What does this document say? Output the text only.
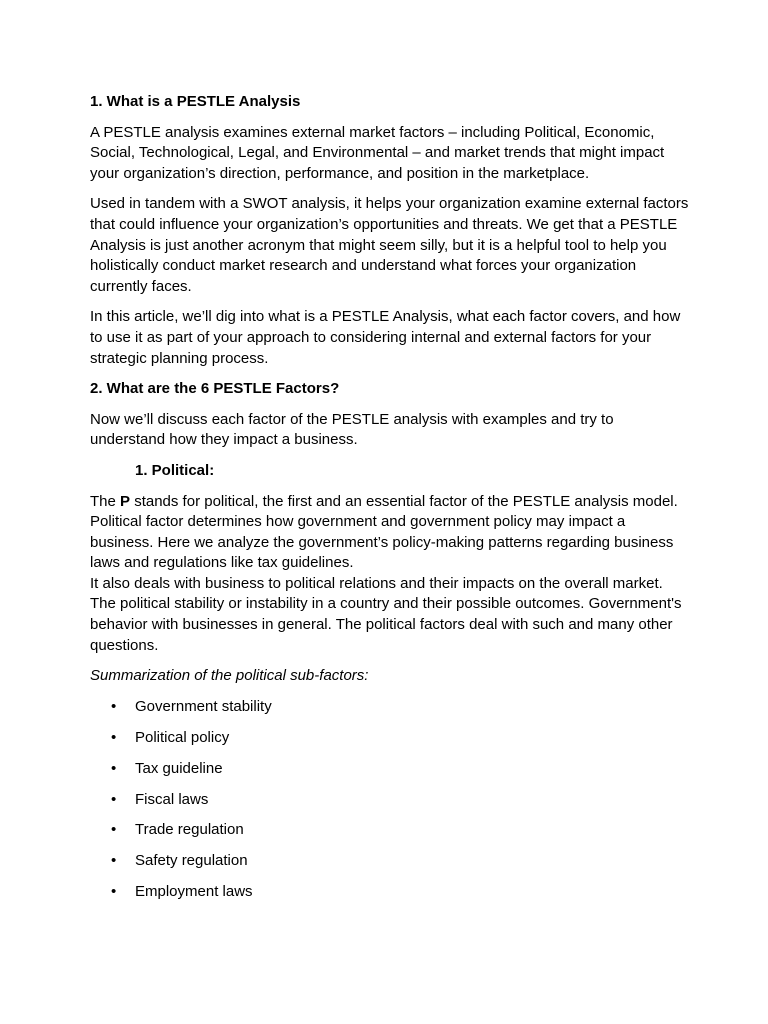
1. What is a PESTLE Analysis

A PESTLE analysis examines external market factors – including Political, Economic, Social, Technological, Legal, and Environmental – and market trends that might impact your organization’s direction, performance, and position in the marketplace.

Used in tandem with a SWOT analysis, it helps your organization examine external factors that could influence your organization’s opportunities and threats. We get that a PESTLE Analysis is just another acronym that might seem silly, but it is a helpful tool to help you holistically conduct market research and understand what forces your organization currently faces.

In this article, we’ll dig into what is a PESTLE Analysis, what each factor covers, and how to use it as part of your approach to considering internal and external factors for your strategic planning process.

2. What are the 6 PESTLE Factors?

Now we’ll discuss each factor of the PESTLE analysis with examples and try to understand how they impact a business.

1. Political:

The P stands for political, the first and an essential factor of the PESTLE analysis model. Political factor determines how government and government policy may impact a business. Here we analyze the government’s policy-making patterns regarding business laws and regulations like tax guidelines.
It also deals with business to political relations and their impacts on the overall market. The political stability or instability in a country and their possible outcomes. Government's behavior with businesses in general. The political factors deal with such and many other questions.

Summarization of the political sub-factors:

• Government stability
• Political policy
• Tax guideline
• Fiscal laws
• Trade regulation
• Safety regulation
• Employment laws
